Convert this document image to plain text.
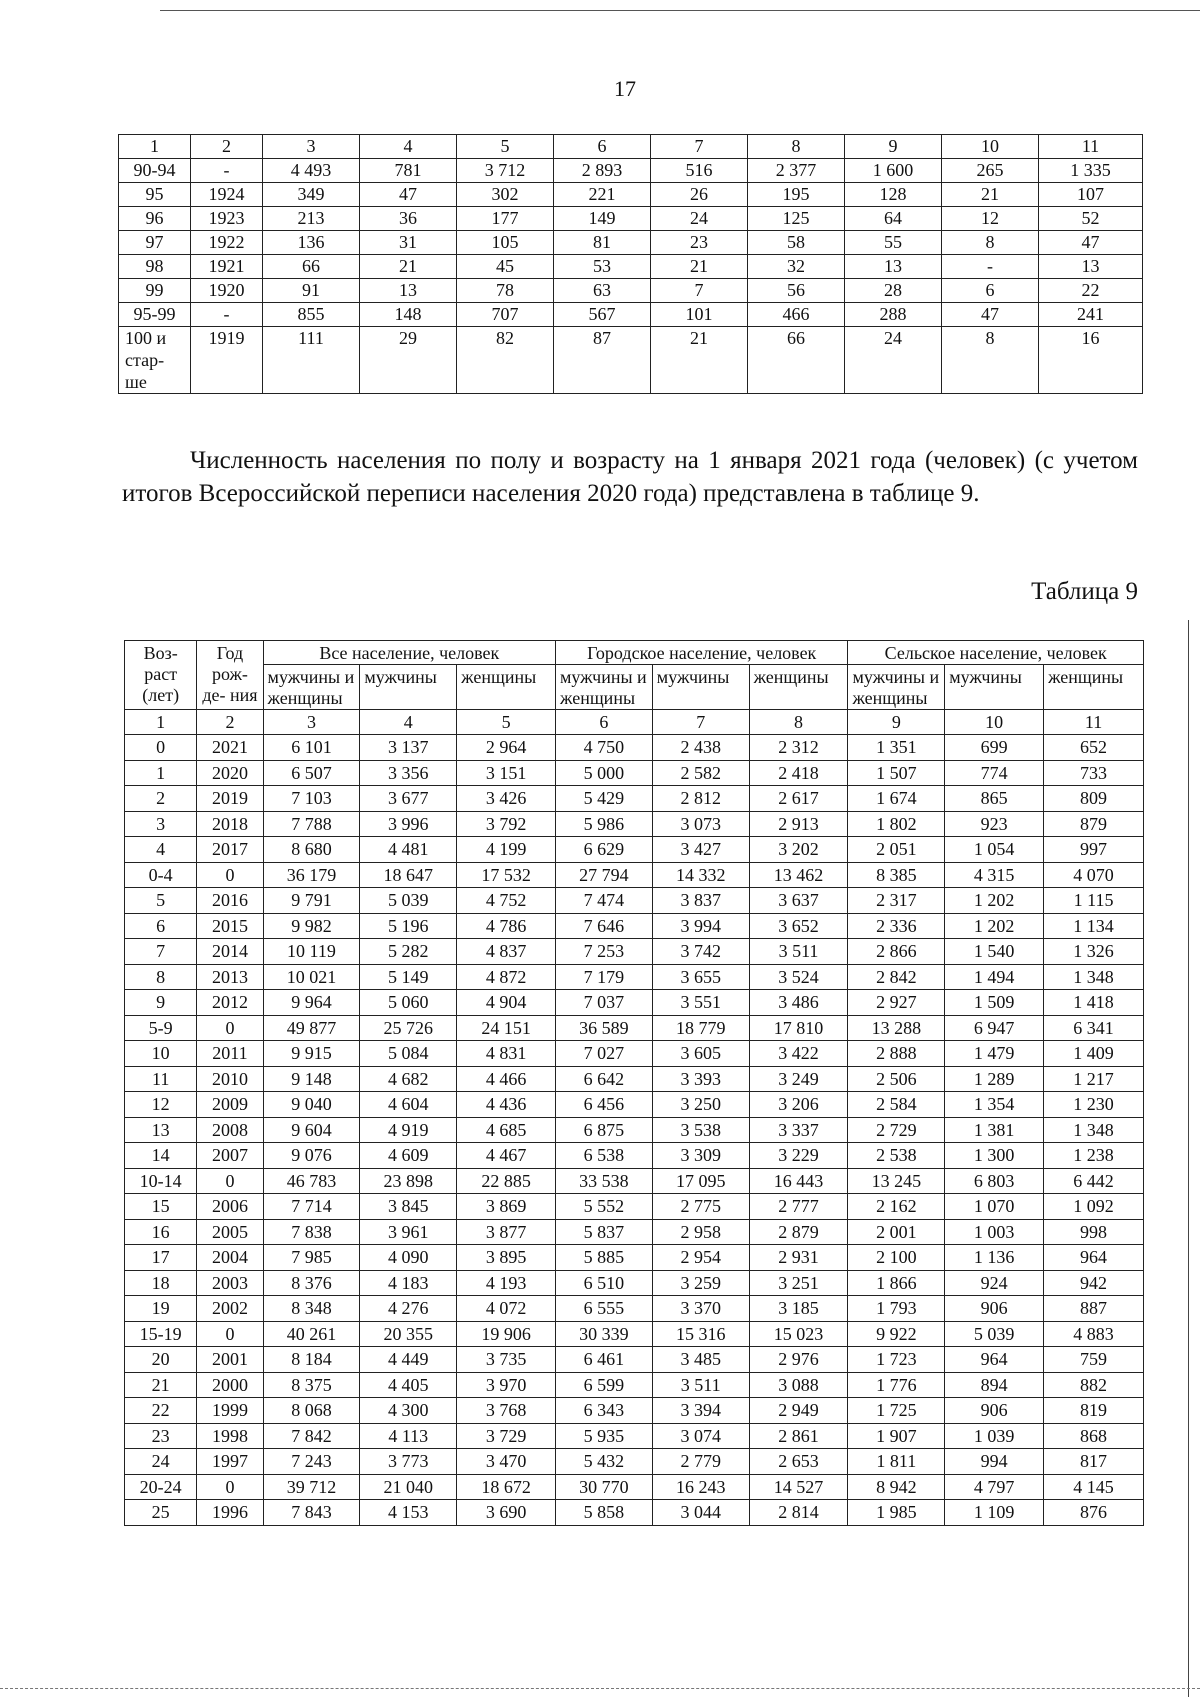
17
1	2	3	4	5	6	7	8	9	10	11
90-94	-	4 493	781	3 712	2 893	516	2 377	1 600	265	1 335
95	1924	349	47	302	221	26	195	128	21	107
96	1923	213	36	177	149	24	125	64	12	52
97	1922	136	31	105	81	23	58	55	8	47
98	1921	66	21	45	53	21	32	13	-	13
99	1920	91	13	78	63	7	56	28	6	22
95-99	-	855	148	707	567	101	466	288	47	241

100 и
стар-
ше	1919	111	29	82	87	21	66	24	8	16
Численность населения по полу и возрасту на 1 января 2021 года (человек) (с учетом итогов Всероссийской переписи населения 2020 года) представлена в таблице 9.
Таблица 9
Воз- раст (лет)	Год рож- де- ния	Все население, человек			Городское население, человек			Сельское население, человек		
		мужчины и женщины	мужчины	женщины	мужчины и женщины	мужчины	женщины	мужчины и женщины	мужчины	женщины
1	2	3	4	5	6	7	8	9	10	11
0	2021	6 101	3 137	2 964	4 750	2 438	2 312	1 351	699	652
1	2020	6 507	3 356	3 151	5 000	2 582	2 418	1 507	774	733
2	2019	7 103	3 677	3 426	5 429	2 812	2 617	1 674	865	809
3	2018	7 788	3 996	3 792	5 986	3 073	2 913	1 802	923	879
4	2017	8 680	4 481	4 199	6 629	3 427	3 202	2 051	1 054	997
0-4	0	36 179	18 647	17 532	27 794	14 332	13 462	8 385	4 315	4 070
5	2016	9 791	5 039	4 752	7 474	3 837	3 637	2 317	1 202	1 115
6	2015	9 982	5 196	4 786	7 646	3 994	3 652	2 336	1 202	1 134
7	2014	10 119	5 282	4 837	7 253	3 742	3 511	2 866	1 540	1 326
8	2013	10 021	5 149	4 872	7 179	3 655	3 524	2 842	1 494	1 348
9	2012	9 964	5 060	4 904	7 037	3 551	3 486	2 927	1 509	1 418
5-9	0	49 877	25 726	24 151	36 589	18 779	17 810	13 288	6 947	6 341
10	2011	9 915	5 084	4 831	7 027	3 605	3 422	2 888	1 479	1 409
11	2010	9 148	4 682	4 466	6 642	3 393	3 249	2 506	1 289	1 217
12	2009	9 040	4 604	4 436	6 456	3 250	3 206	2 584	1 354	1 230
13	2008	9 604	4 919	4 685	6 875	3 538	3 337	2 729	1 381	1 348
14	2007	9 076	4 609	4 467	6 538	3 309	3 229	2 538	1 300	1 238
10-14	0	46 783	23 898	22 885	33 538	17 095	16 443	13 245	6 803	6 442
15	2006	7 714	3 845	3 869	5 552	2 775	2 777	2 162	1 070	1 092
16	2005	7 838	3 961	3 877	5 837	2 958	2 879	2 001	1 003	998
17	2004	7 985	4 090	3 895	5 885	2 954	2 931	2 100	1 136	964
18	2003	8 376	4 183	4 193	6 510	3 259	3 251	1 866	924	942
19	2002	8 348	4 276	4 072	6 555	3 370	3 185	1 793	906	887
15-19	0	40 261	20 355	19 906	30 339	15 316	15 023	9 922	5 039	4 883
20	2001	8 184	4 449	3 735	6 461	3 485	2 976	1 723	964	759
21	2000	8 375	4 405	3 970	6 599	3 511	3 088	1 776	894	882
22	1999	8 068	4 300	3 768	6 343	3 394	2 949	1 725	906	819
23	1998	7 842	4 113	3 729	5 935	3 074	2 861	1 907	1 039	868
24	1997	7 243	3 773	3 470	5 432	2 779	2 653	1 811	994	817
20-24	0	39 712	21 040	18 672	30 770	16 243	14 527	8 942	4 797	4 145
25	1996	7 843	4 153	3 690	5 858	3 044	2 814	1 985	1 109	876
